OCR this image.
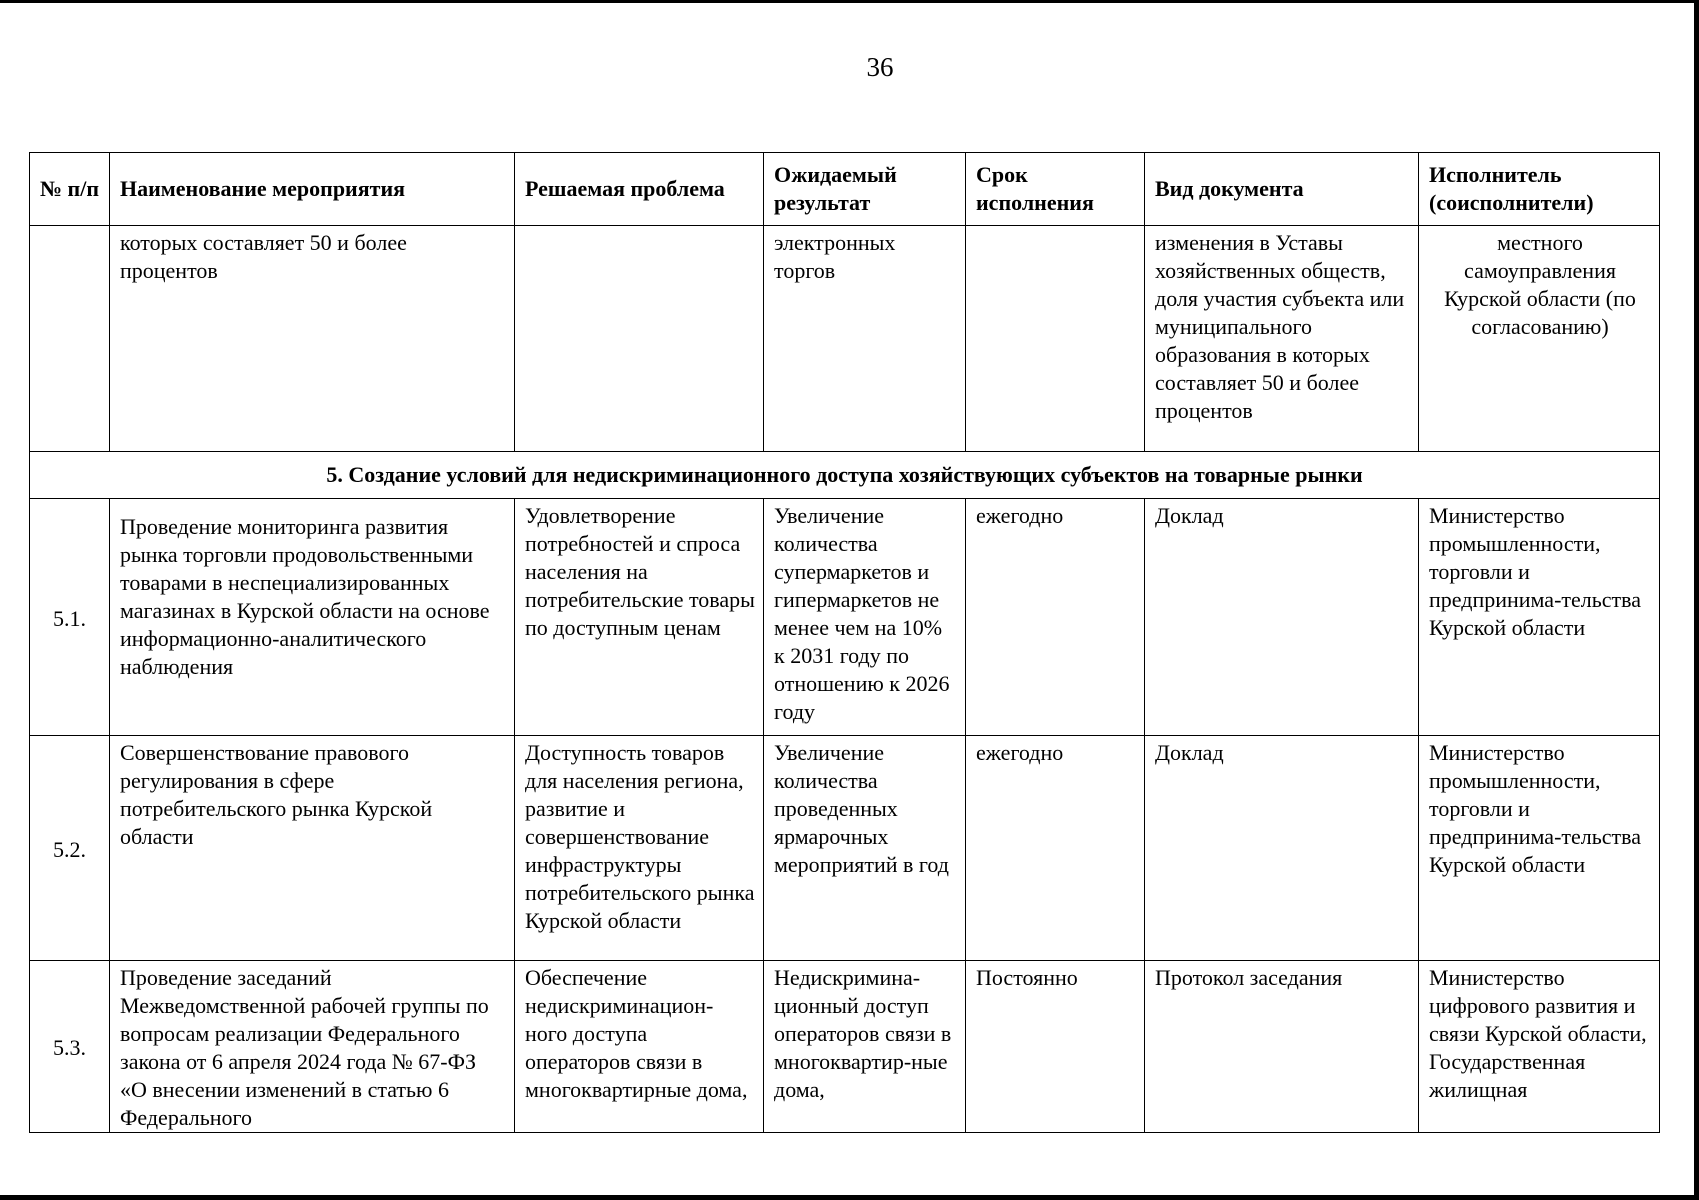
36
№ п/п	Наименование мероприятия	Решаемая проблема	Ожидаемый результат	Срок исполнения	Вид документа	Исполнитель (соисполнители)
	которых составляет 50 и более процентов		электронных торгов		изменения в Уставы хозяйственных обществ, доля участия субъекта или муниципального образования в которых составляет 50 и более процентов	местного самоуправления Курской области (по согласованию)
5. Создание условий для недискриминационного доступа хозяйствующих субъектов на товарные рынки						
5.1.	Проведение мониторинга развития рынка торговли продовольственными товарами в неспециализированных магазинах в Курской области на основе информационно-аналитического наблюдения	Удовлетворение потребностей и спроса населения на потребительские товары по доступным ценам	Увеличение количества супермаркетов и гипермаркетов не менее чем на 10% к 2031 году по отношению к 2026 году	ежегодно	Доклад	Министерство промышленности, торговли и предпринима-тельства Курской области
5.2.	Совершенствование правового регулирования в сфере потребительского рынка Курской области	Доступность товаров для населения региона, развитие и совершенствование инфраструктуры потребительского рынка Курской области	Увеличение количества проведенных ярмарочных мероприятий в год	ежегодно	Доклад	Министерство промышленности, торговли и предпринима-тельства Курской области
5.3.	Проведение заседаний Межведомственной рабочей группы по вопросам реализации Федерального закона от 6 апреля 2024 года № 67-ФЗ «О внесении изменений в статью 6 Федерального	Обеспечение недискриминацион-ного доступа операторов связи в многоквартирные дома,	Недискримина-ционный доступ операторов связи в многоквартир-ные дома,	Постоянно	Протокол заседания	Министерство цифрового развития и связи Курской области, Государственная жилищная
